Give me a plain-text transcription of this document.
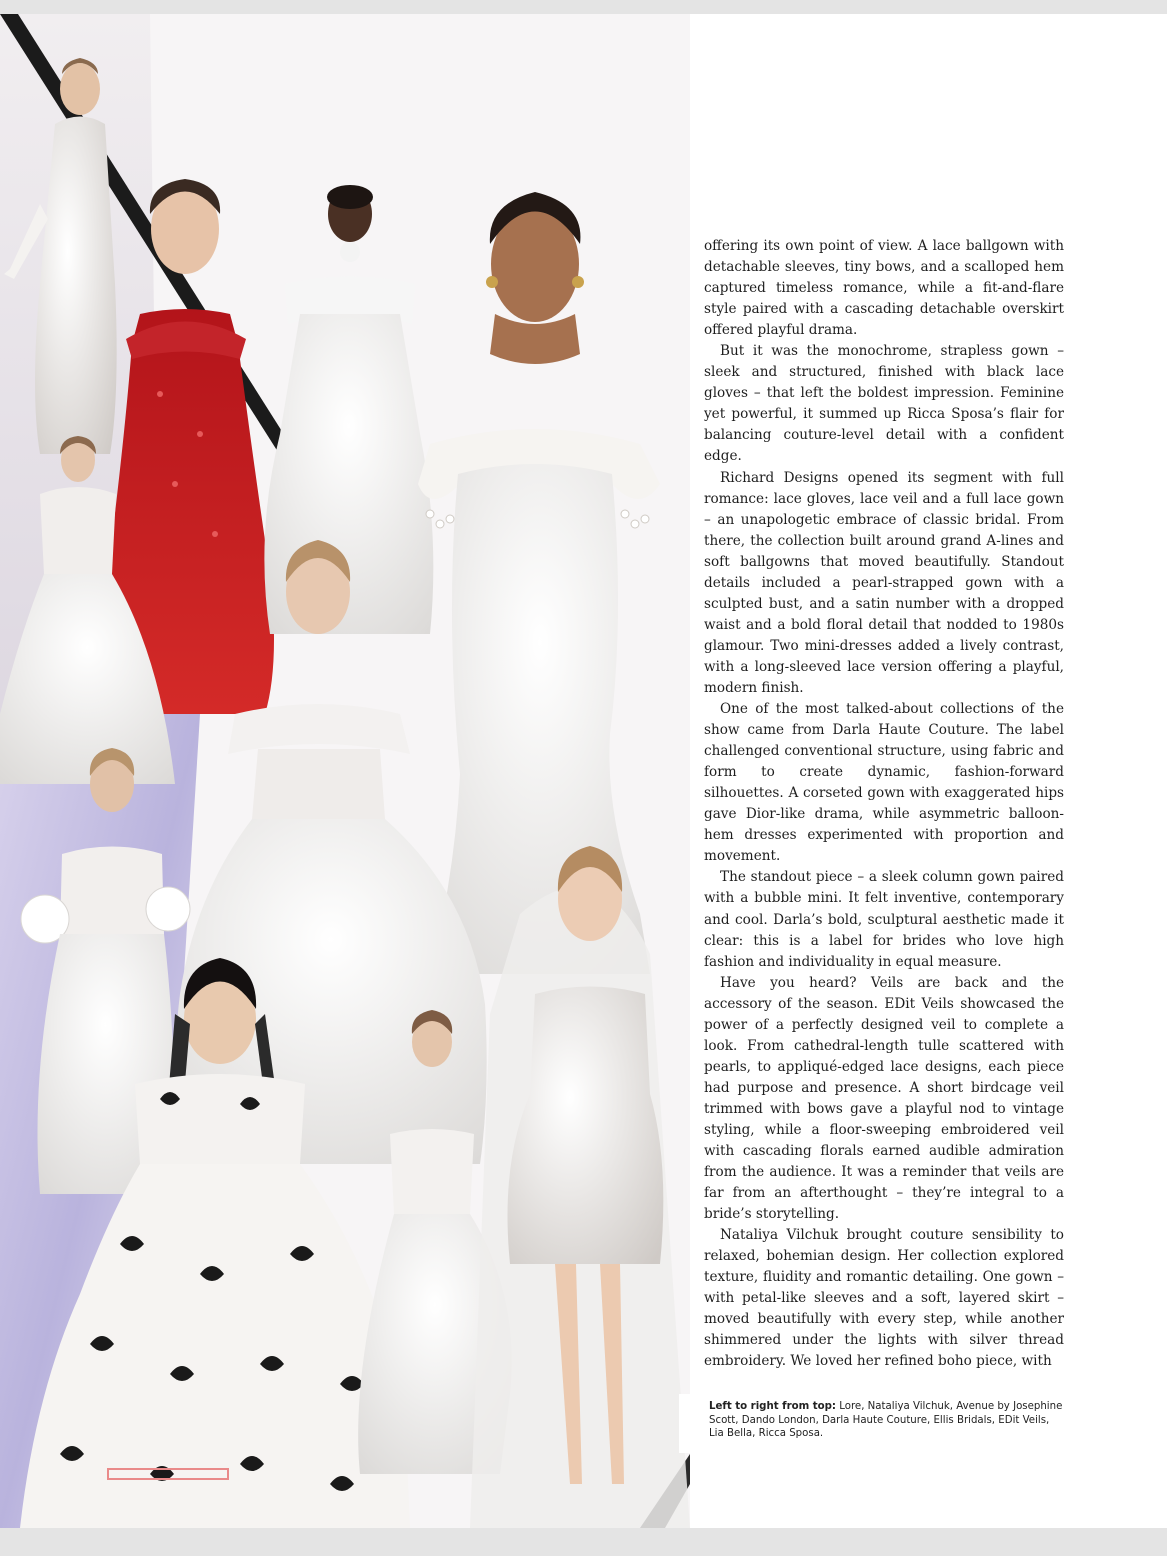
offering its own point of view. A lace ballgown with detachable sleeves, tiny bows, and a scalloped hem captured timeless romance, while a fit-and-flare style paired with a cascading detachable overskirt offered playful drama.

But it was the monochrome, strapless gown – sleek and structured, finished with black lace gloves – that left the boldest impression. Feminine yet powerful, it summed up Ricca Sposa’s flair for balancing couture-level detail with a confident edge.

Richard Designs opened its segment with full romance: lace gloves, lace veil and a full lace gown – an unapologetic embrace of classic bridal. From there, the collection built around grand A-lines and soft ballgowns that moved beautifully. Standout details included a pearl-strapped gown with a sculpted bust, and a satin number with a dropped waist and a bold floral detail that nodded to 1980s glamour. Two mini-dresses added a lively contrast, with a long-sleeved lace version offering a playful, modern finish.

One of the most talked-about collections of the show came from Darla Haute Couture. The label challenged conventional structure, using fabric and form to create dynamic, fashion-forward silhouettes. A corseted gown with exaggerated hips gave Dior-like drama, while asymmetric balloon-hem dresses experimented with proportion and movement.

The standout piece – a sleek column gown paired with a bubble mini. It felt inventive, contemporary and cool. Darla’s bold, sculptural aesthetic made it clear: this is a label for brides who love high fashion and individuality in equal measure.

Have you heard? Veils are back and the accessory of the season. EDit Veils showcased the power of a perfectly designed veil to complete a look. From cathedral-length tulle scattered with pearls, to appliqué-edged lace designs, each piece had purpose and presence. A short birdcage veil trimmed with bows gave a playful nod to vintage styling, while a floor-sweeping embroidered veil with cascading florals earned audible admiration from the audience. It was a reminder that veils are far from an afterthought – they’re integral to a bride’s storytelling.

Nataliya Vilchuk brought couture sensibility to relaxed, bohemian design. Her collection explored texture, fluidity and romantic detailing. One gown – with petal-like sleeves and a soft, layered skirt – moved beautifully with every step, while another shimmered under the lights with silver thread embroidery. We loved her refined boho piece, with

Left to right from top: Lore, Nataliya Vilchuk, Avenue by Josephine Scott, Dando London, Darla Haute Couture, Ellis Bridals, EDit Veils, Lia Bella, Ricca Sposa.
